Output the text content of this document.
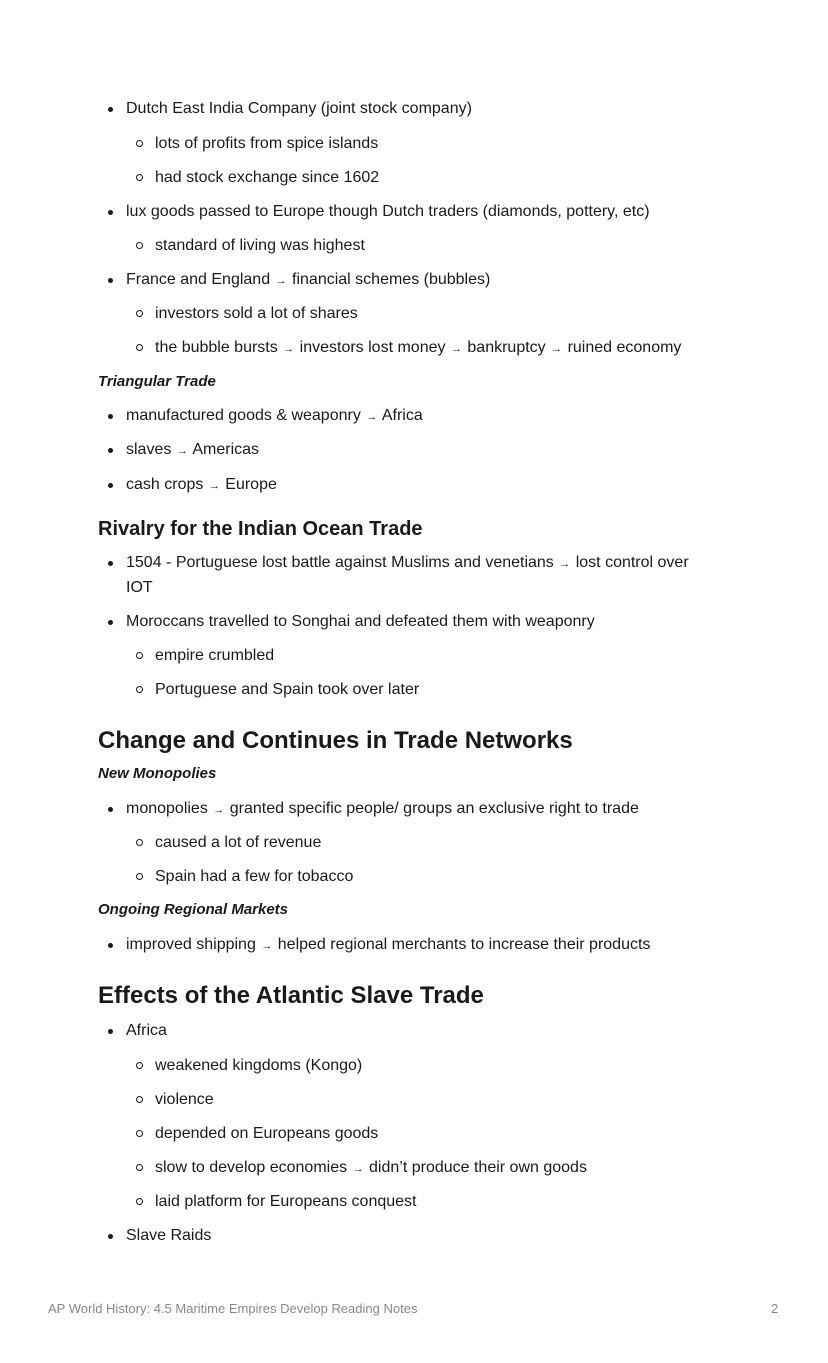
Dutch East India Company (joint stock company)
lots of profits from spice islands
had stock exchange since 1602
lux goods passed to Europe though Dutch traders (diamonds, pottery, etc)
standard of living was highest
France and England → financial schemes (bubbles)
investors sold a lot of shares
the bubble bursts → investors lost money → bankruptcy → ruined economy
Triangular Trade
manufactured goods & weaponry → Africa
slaves → Americas
cash crops → Europe
Rivalry for the Indian Ocean Trade
1504 - Portuguese lost battle against Muslims and venetians → lost control over IOT
Moroccans travelled to Songhai and defeated them with weaponry
empire crumbled
Portuguese and Spain took over later
Change and Continues in Trade Networks
New Monopolies
monopolies → granted specific people/ groups an exclusive right to trade
caused a lot of revenue
Spain had a few for tobacco
Ongoing Regional Markets
improved shipping → helped regional merchants to increase their products
Effects of the Atlantic Slave Trade
Africa
weakened kingdoms (Kongo)
violence
depended on Europeans goods
slow to develop economies → didn’t produce their own goods
laid platform for Europeans conquest
Slave Raids
AP World History: 4.5 Maritime Empires Develop Reading Notes	2
